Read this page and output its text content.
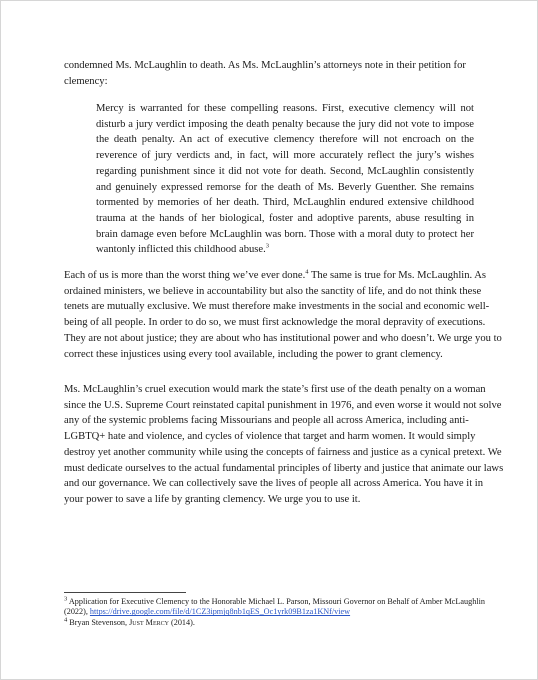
condemned Ms. McLaughlin to death. As Ms. McLaughlin’s attorneys note in their petition for clemency:

Mercy is warranted for these compelling reasons. First, executive clemency will not disturb a jury verdict imposing the death penalty because the jury did not vote to impose the death penalty. An act of executive clemency therefore will not encroach on the reverence of jury verdicts and, in fact, will more accurately reflect the jury’s wishes regarding punishment since it did not vote for death. Second, McLaughlin consistently and genuinely expressed remorse for the death of Ms. Beverly Guenther. She remains tormented by memories of her death. Third, McLaughlin endured extensive childhood trauma at the hands of her biological, foster and adoptive parents, abuse resulting in brain damage even before McLaughlin was born. Those with a moral duty to protect her wantonly inflicted this childhood abuse.$^3$

Each of us is more than the worst thing we’ve ever done.$^4$ The same is true for Ms. McLaughlin. As ordained ministers, we believe in accountability but also the sanctity of life, and do not think these tenets are mutually exclusive. We must therefore make investments in the social and economic well-being of all people. In order to do so, we must first acknowledge the moral depravity of executions. They are not about justice; they are about who has institutional power and who doesn’t. We urge you to correct these injustices using every tool available, including the power to grant clemency.

Ms. McLaughlin’s cruel execution would mark the state’s first use of the death penalty on a woman since the U.S. Supreme Court reinstated capital punishment in 1976, and even worse it would not solve any of the systemic problems facing Missourians and people all across America, including anti-LGBTQ+ hate and violence, and cycles of violence that target and harm women. It would simply destroy yet another community while using the concepts of fairness and justice as a cynical pretext. We must dedicate ourselves to the actual fundamental principles of liberty and justice that animate our laws and our governance. We can collectively save the lives of people all across America. You have it in your power to save a life by granting clemency. We urge you to use it.

$^3$ Application for Executive Clemency to the Honorable Michael L. Parson, Missouri Governor on Behalf of Amber McLaughlin (2022), https://drive.google.com/file/d/1CZ3ipmjq8nb1qES_Oc1yrk09B1za1KNf/view

$^4$ Bryan Stevenson, Just Mercy (2014).
